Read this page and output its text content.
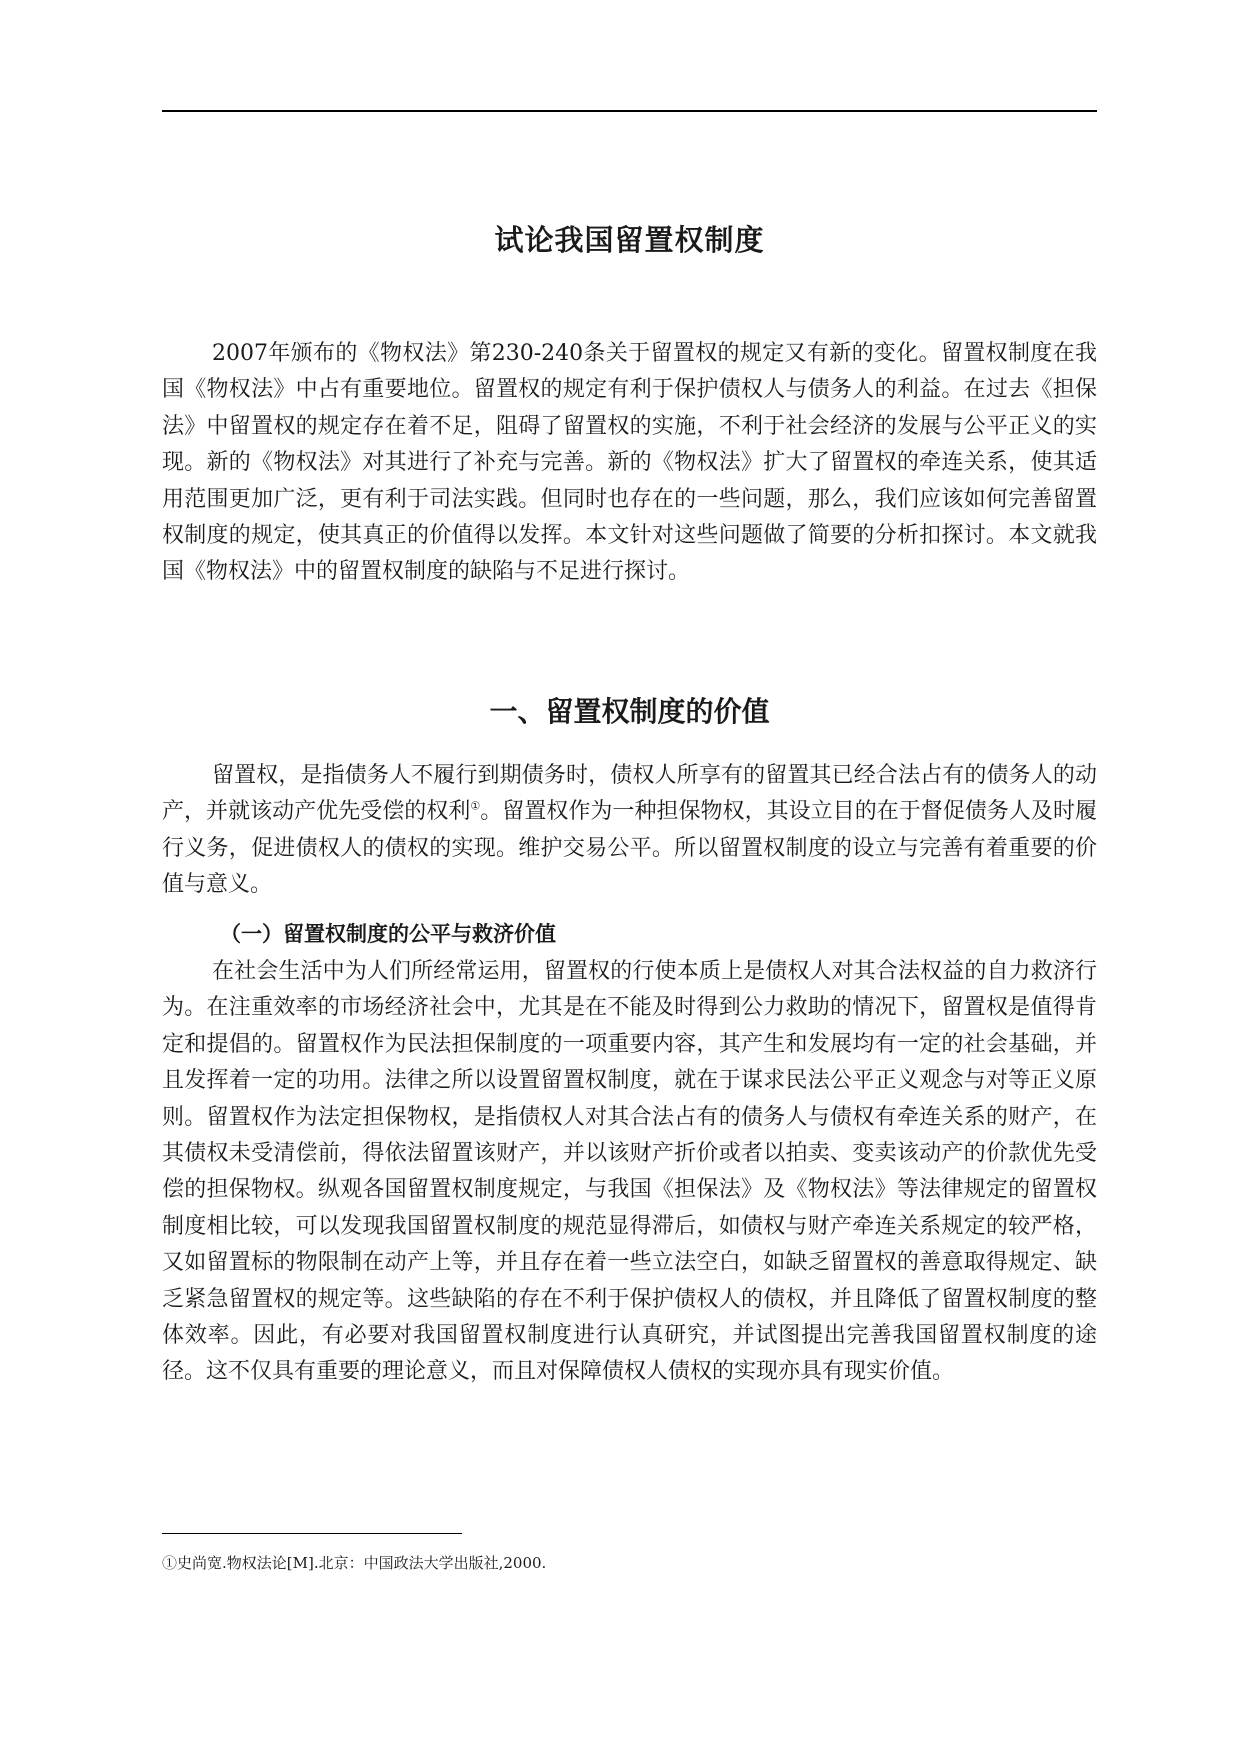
试论我国留置权制度

2007年颁布的《物权法》第230-240条关于留置权的规定又有新的变化。留置权制度在我国《物权法》中占有重要地位。留置权的规定有利于保护债权人与债务人的利益。在过去《担保法》中留置权的规定存在着不足，阻碍了留置权的实施，不利于社会经济的发展与公平正义的实现。新的《物权法》对其进行了补充与完善。新的《物权法》扩大了留置权的牵连关系，使其适用范围更加广泛，更有利于司法实践。但同时也存在的一些问题，那么，我们应该如何完善留置权制度的规定，使其真正的价值得以发挥。本文针对这些问题做了简要的分析扣探讨。本文就我国《物权法》中的留置权制度的缺陷与不足进行探讨。

一、留置权制度的价值

留置权，是指债务人不履行到期债务时，债权人所享有的留置其已经合法占有的债务人的动产，并就该动产优先受偿的权利①。留置权作为一种担保物权，其设立目的在于督促债务人及时履行义务，促进债权人的债权的实现。维护交易公平。所以留置权制度的设立与完善有着重要的价值与意义。

（一）留置权制度的公平与救济价值

在社会生活中为人们所经常运用，留置权的行使本质上是债权人对其合法权益的自力救济行为。在注重效率的市场经济社会中，尤其是在不能及时得到公力救助的情况下，留置权是值得肯定和提倡的。留置权作为民法担保制度的一项重要内容，其产生和发展均有一定的社会基础，并且发挥着一定的功用。法律之所以设置留置权制度，就在于谋求民法公平正义观念与对等正义原则。留置权作为法定担保物权，是指债权人对其合法占有的债务人与债权有牵连关系的财产，在其债权未受清偿前，得依法留置该财产，并以该财产折价或者以拍卖、变卖该动产的价款优先受偿的担保物权。纵观各国留置权制度规定，与我国《担保法》及《物权法》等法律规定的留置权制度相比较，可以发现我国留置权制度的规范显得滞后，如债权与财产牵连关系规定的较严格，又如留置标的物限制在动产上等，并且存在着一些立法空白，如缺乏留置权的善意取得规定、缺乏紧急留置权的规定等。这些缺陷的存在不利于保护债权人的债权，并且降低了留置权制度的整体效率。因此，有必要对我国留置权制度进行认真研究，并试图提出完善我国留置权制度的途径。这不仅具有重要的理论意义，而且对保障债权人债权的实现亦具有现实价值。

①史尚宽.物权法论[M].北京：中国政法大学出版社,2000.
